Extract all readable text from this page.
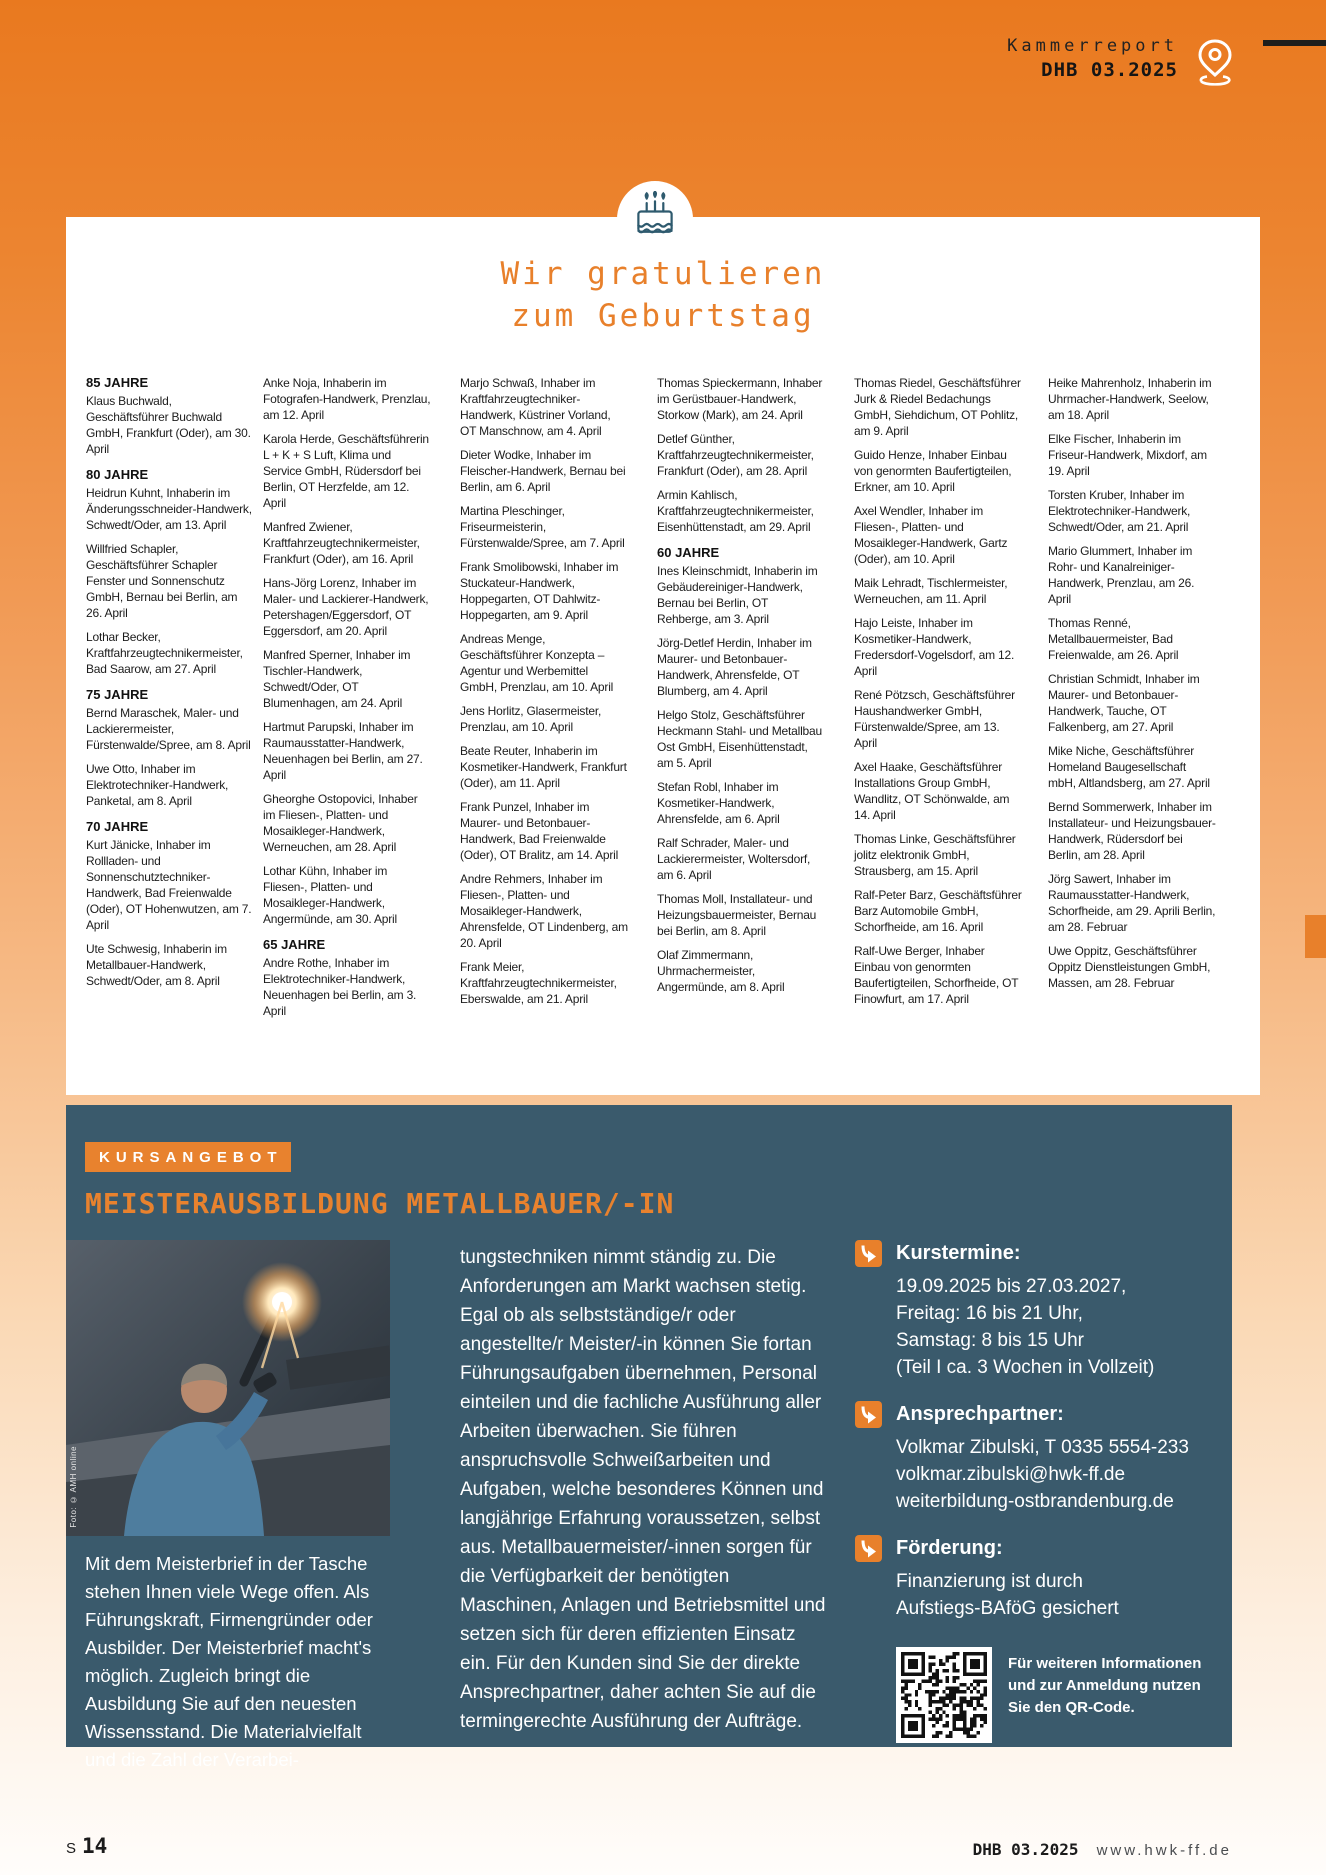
Kammerreport
DHB 03.2025
Wir gratulieren
zum Geburtstag
85 JAHRE

Klaus Buchwald, Geschäftsführer Buchwald GmbH, Frankfurt (Oder), am 30. April

80 JAHRE

Heidrun Kuhnt, Inhaberin im Änderungsschneider-Handwerk, Schwedt/Oder, am 13. April

Willfried Schapler, Geschäftsführer Schapler Fenster und Sonnenschutz GmbH, Bernau bei Berlin, am 26. April

Lothar Becker, Kraftfahrzeugtechnikermeister, Bad Saarow, am 27. April

75 JAHRE

Bernd Maraschek, Maler- und Lackierermeister, Fürstenwalde/Spree, am 8. April

Uwe Otto, Inhaber im Elektrotechniker-Handwerk, Panketal, am 8. April

70 JAHRE

Kurt Jänicke, Inhaber im Rollladen- und Sonnenschutztechniker-Handwerk, Bad Freienwalde (Oder), OT Hohenwutzen, am 7. April

Ute Schwesig, Inhaberin im Metallbauer-Handwerk, Schwedt/Oder, am 8. April

Anke Noja, Inhaberin im Fotografen-Handwerk, Prenzlau, am 12. April

Karola Herde, Geschäftsführerin L + K + S Luft, Klima und Service GmbH, Rüdersdorf bei Berlin, OT Herzfelde, am 12. April

Manfred Zwiener, Kraftfahrzeugtechnikermeister, Frankfurt (Oder), am 16. April

Hans-Jörg Lorenz, Inhaber im Maler- und Lackierer-Handwerk, Petershagen/Eggersdorf, OT Eggersdorf, am 20. April

Manfred Sperner, Inhaber im Tischler-Handwerk, Schwedt/Oder, OT Blumenhagen, am 24. April

Hartmut Parupski, Inhaber im Raumausstatter-Handwerk, Neuenhagen bei Berlin, am 27. April

Gheorghe Ostopovici, Inhaber im Fliesen-, Platten- und Mosaikleger-Handwerk, Werneuchen, am 28. April

Lothar Kühn, Inhaber im Fliesen-, Platten- und Mosaikleger-Handwerk, Angermünde, am 30. April

65 JAHRE

Andre Rothe, Inhaber im Elektrotechniker-Handwerk, Neuenhagen bei Berlin, am 3. April

Marjo Schwaß, Inhaber im Kraftfahrzeugtechniker-Handwerk, Küstriner Vorland, OT Manschnow, am 4. April

Dieter Wodke, Inhaber im Fleischer-Handwerk, Bernau bei Berlin, am 6. April

Martina Pleschinger, Friseurmeisterin, Fürstenwalde/Spree, am 7. April

Frank Smolibowski, Inhaber im Stuckateur-Handwerk, Hoppegarten, OT Dahlwitz-Hoppegarten, am 9. April

Andreas Menge, Geschäftsführer Konzepta – Agentur und Werbemittel GmbH, Prenzlau, am 10. April

Jens Horlitz, Glasermeister, Prenzlau, am 10. April

Beate Reuter, Inhaberin im Kosmetiker-Handwerk, Frankfurt (Oder), am 11. April

Frank Punzel, Inhaber im Maurer- und Betonbauer-Handwerk, Bad Freienwalde (Oder), OT Bralitz, am 14. April

Andre Rehmers, Inhaber im Fliesen-, Platten- und Mosaikleger-Handwerk, Ahrensfelde, OT Lindenberg, am 20. April

Frank Meier, Kraftfahrzeugtechnikermeister, Eberswalde, am 21. April

Thomas Spieckermann, Inhaber im Gerüstbauer-Handwerk, Storkow (Mark), am 24. April

Detlef Günther, Kraftfahrzeugtechnikermeister, Frankfurt (Oder), am 28. April

Armin Kahlisch, Kraftfahrzeugtechnikermeister, Eisenhüttenstadt, am 29. April

60 JAHRE

Ines Kleinschmidt, Inhaberin im Gebäudereiniger-Handwerk, Bernau bei Berlin, OT Rehberge, am 3. April

Jörg-Detlef Herdin, Inhaber im Maurer- und Betonbauer-Handwerk, Ahrensfelde, OT Blumberg, am 4. April

Helgo Stolz, Geschäftsführer Heckmann Stahl- und Metallbau Ost GmbH, Eisenhüttenstadt, am 5. April

Stefan Robl, Inhaber im Kosmetiker-Handwerk, Ahrensfelde, am 6. April

Ralf Schrader, Maler- und Lackierermeister, Woltersdorf, am 6. April

Thomas Moll, Installateur- und Heizungsbauermeister, Bernau bei Berlin, am 8. April

Olaf Zimmermann, Uhrmachermeister, Angermünde, am 8. April

Thomas Riedel, Geschäftsführer Jurk & Riedel Bedachungs GmbH, Siehdichum, OT Pohlitz, am 9. April

Guido Henze, Inhaber Einbau von genormten Baufertigteilen, Erkner, am 10. April

Axel Wendler, Inhaber im Fliesen-, Platten- und Mosaikleger-Handwerk, Gartz (Oder), am 10. April

Maik Lehradt, Tischlermeister, Werneuchen, am 11. April

Hajo Leiste, Inhaber im Kosmetiker-Handwerk, Fredersdorf-Vogelsdorf, am 12. April

René Pötzsch, Geschäftsführer Haushandwerker GmbH, Fürstenwalde/Spree, am 13. April

Axel Haake, Geschäftsführer Installations Group GmbH, Wandlitz, OT Schönwalde, am 14. April

Thomas Linke, Geschäftsführer jolitz elektronik GmbH, Strausberg, am 15. April

Ralf-Peter Barz, Geschäftsführer Barz Automobile GmbH, Schorfheide, am 16. April

Ralf-Uwe Berger, Inhaber Einbau von genormten Baufertigteilen, Schorfheide, OT Finowfurt, am 17. April

Heike Mahrenholz, Inhaberin im Uhrmacher-Handwerk, Seelow, am 18. April

Elke Fischer, Inhaberin im Friseur-Handwerk, Mixdorf, am 19. April

Torsten Kruber, Inhaber im Elektrotechniker-Handwerk, Schwedt/Oder, am 21. April

Mario Glummert, Inhaber im Rohr- und Kanalreiniger-Handwerk, Prenzlau, am 26. April

Thomas Renné, Metallbauermeister, Bad Freienwalde, am 26. April

Christian Schmidt, Inhaber im Maurer- und Betonbauer-Handwerk, Tauche, OT Falkenberg, am 27. April

Mike Niche, Geschäftsführer Homeland Baugesellschaft mbH, Altlandsberg, am 27. April

Bernd Sommerwerk, Inhaber im Installateur- und Heizungsbauer-Handwerk, Rüdersdorf bei Berlin, am 28. April

Jörg Sawert, Inhaber im Raumausstatter-Handwerk, Schorfheide, am 29. Aprili Berlin, am 28. Februar

Uwe Oppitz, Geschäftsführer Oppitz Dienstleistungen GmbH, Massen, am 28. Februar

KURSANGEBOT
MEISTERAUSBILDUNG METALLBAUER/-IN
Foto: © AMH online

Mit dem Meisterbrief in der Tasche stehen Ihnen viele Wege offen. Als Führungskraft, Firmengründer oder Ausbilder. Der Meisterbrief macht's möglich. Zugleich bringt die Ausbildung Sie auf den neuesten Wissensstand. Die Materialvielfalt und die Zahl der Verarbei-

tungstechniken nimmt ständig zu. Die Anforderungen am Markt wachsen stetig. Egal ob als selbstständige/r oder angestellte/r Meister/-in können Sie fortan Führungsaufgaben übernehmen, Personal einteilen und die fachliche Ausführung aller Arbeiten überwachen. Sie führen anspruchsvolle Schweißarbeiten und Aufgaben, welche besonderes Können und langjährige Erfahrung voraussetzen, selbst aus. Metallbauermeister/-innen sorgen für die Verfügbarkeit der benötigten Maschinen, Anlagen und Betriebsmittel und setzen sich für deren effizienten Einsatz ein. Für den Kunden sind Sie der direkte Ansprechpartner, daher achten Sie auf die termingerechte Ausführung der Aufträge.

Kurstermine:
19.09.2025 bis 27.03.2027,
Freitag: 16 bis 21 Uhr,
Samstag: 8 bis 15 Uhr
(Teil I ca. 3 Wochen in Vollzeit)
Ansprechpartner:
Volkmar Zibulski, T 0335 5554-233
volkmar.zibulski@hwk-ff.de
weiterbildung-ostbrandenburg.de
Förderung:
Finanzierung ist durch
Aufstiegs-BAföG gesichert
Für weiteren Informationen und zur Anmeldung nutzen Sie den QR-Code.
S 14	DHB 03.2025 www.hwk-ff.de
